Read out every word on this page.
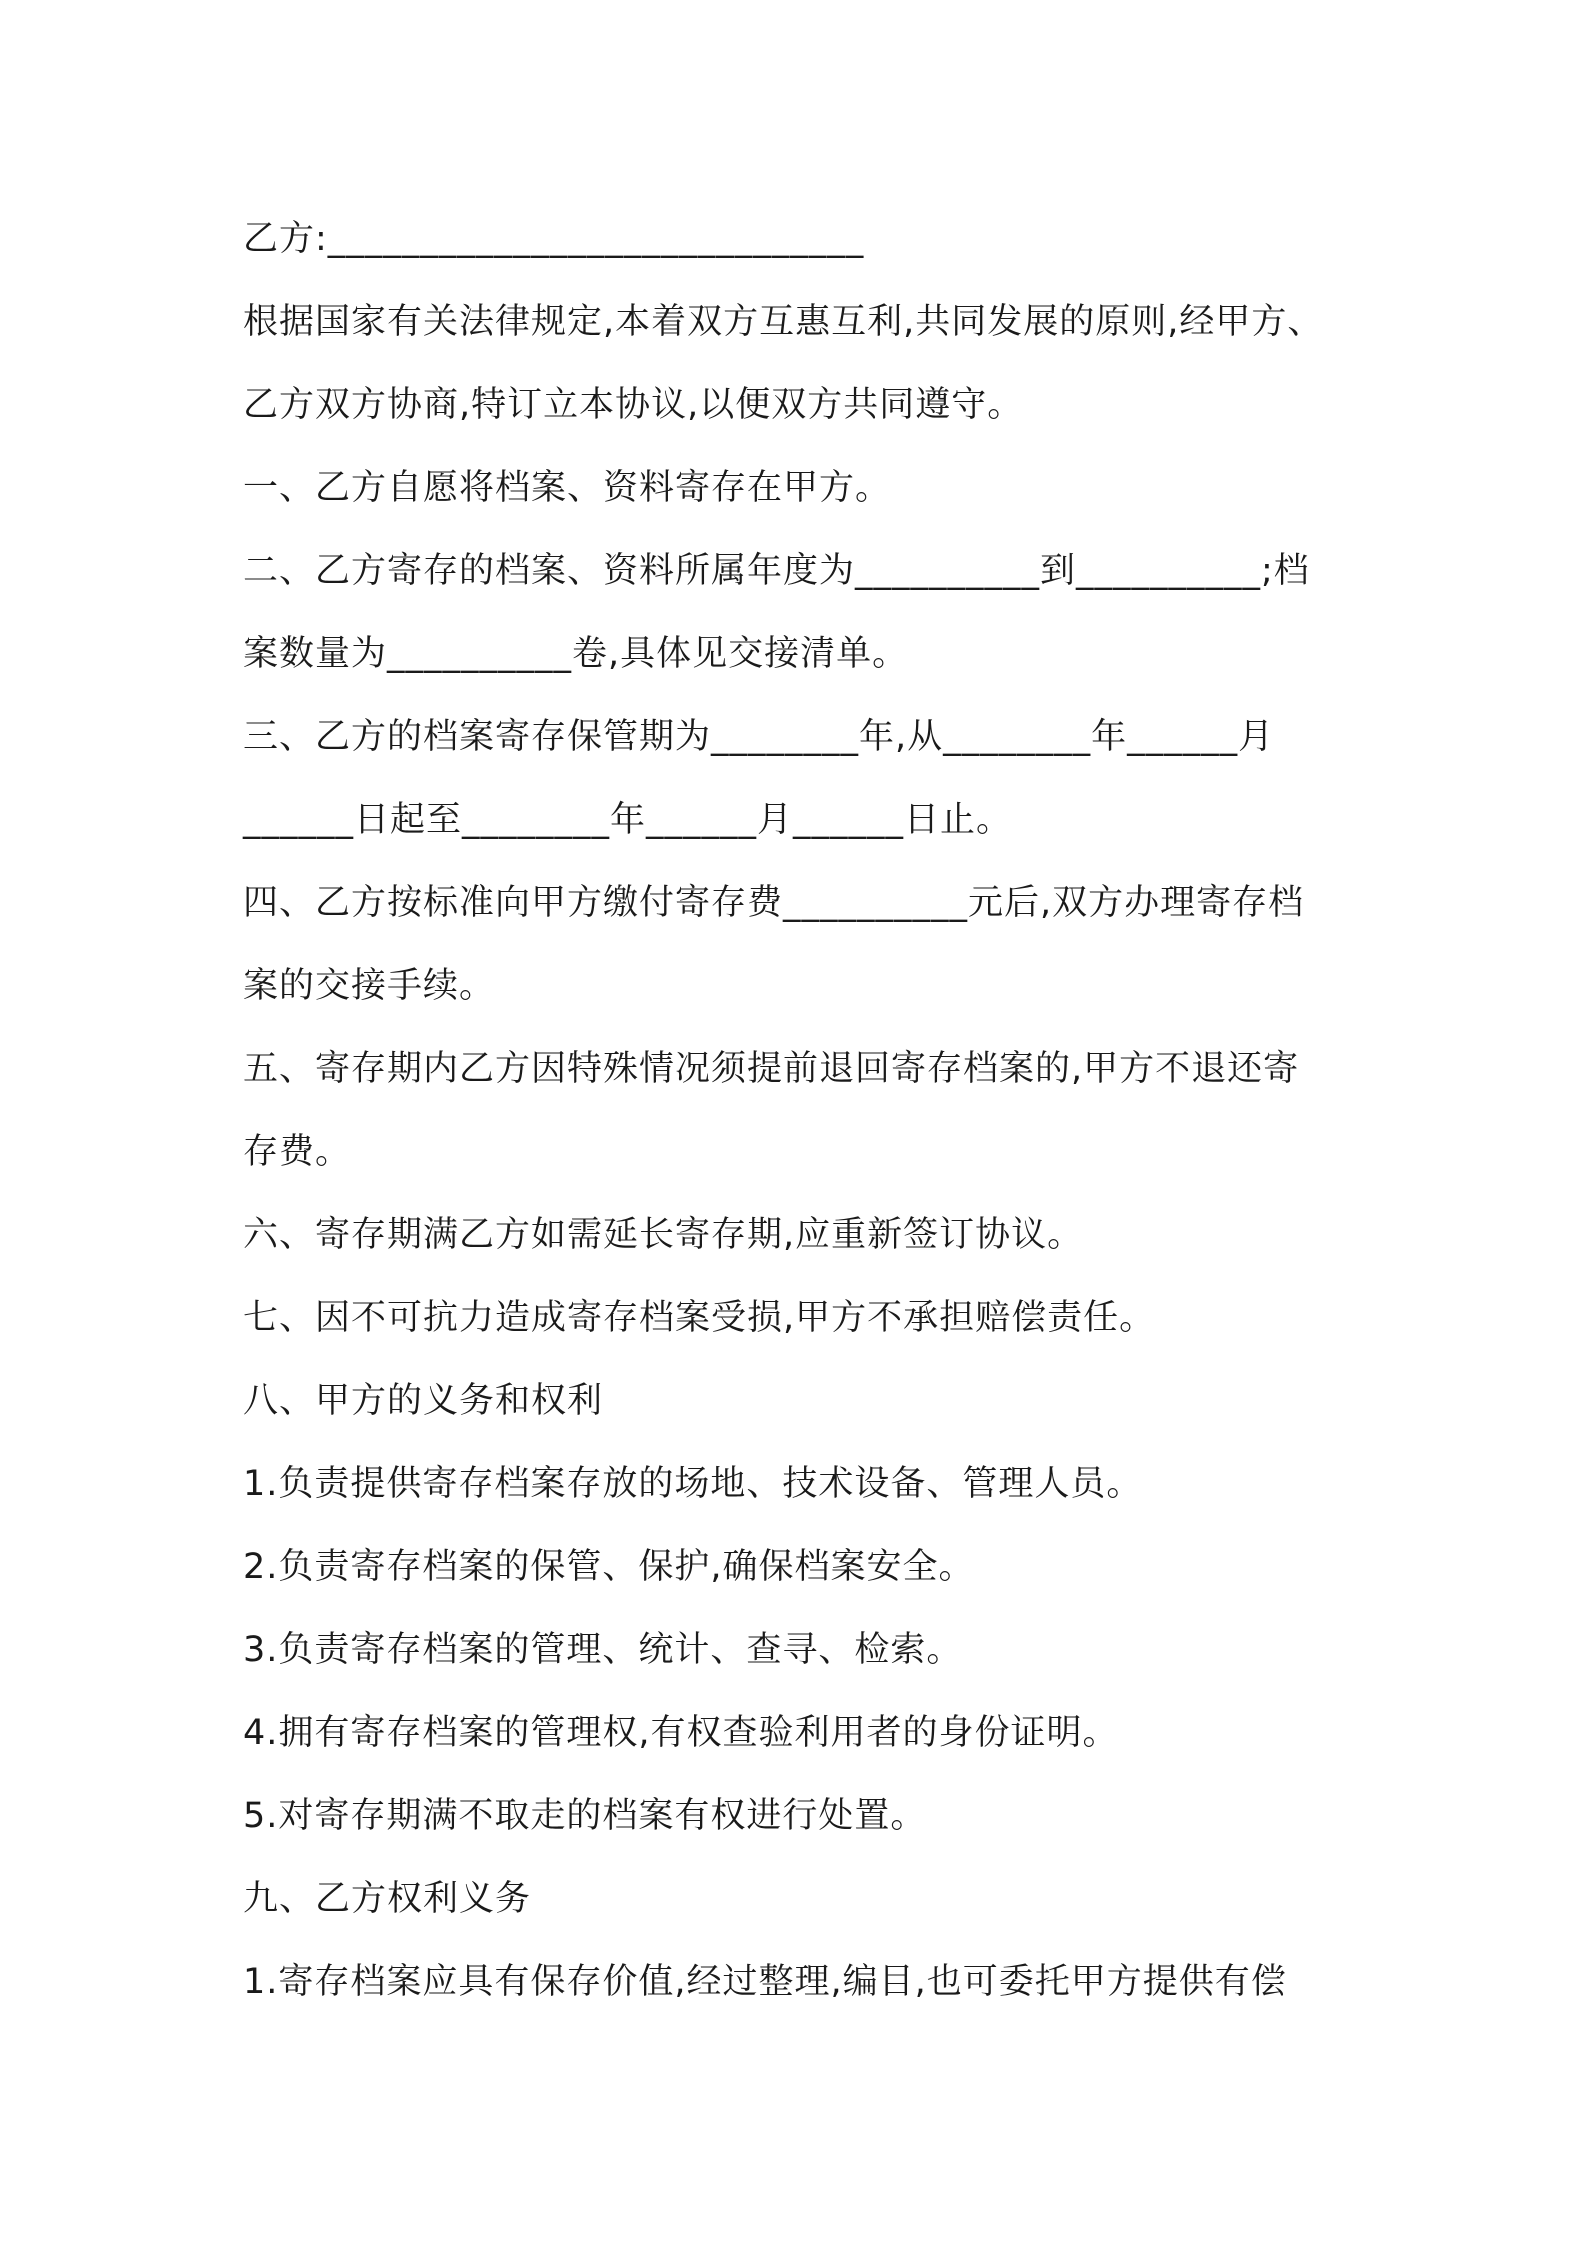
乙方:_____________________________
根据国家有关法律规定,本着双方互惠互利,共同发展的原则,经甲方、
乙方双方协商,特订立本协议,以便双方共同遵守。
一、乙方自愿将档案、资料寄存在甲方。
二、乙方寄存的档案、资料所属年度为__________到__________;档
案数量为__________卷,具体见交接清单。
三、乙方的档案寄存保管期为________年,从________年______月
______日起至________年______月______日止。
四、乙方按标准向甲方缴付寄存费__________元后,双方办理寄存档
案的交接手续。
五、寄存期内乙方因特殊情况须提前退回寄存档案的,甲方不退还寄
存费。
六、寄存期满乙方如需延长寄存期,应重新签订协议。
七、因不可抗力造成寄存档案受损,甲方不承担赔偿责任。
八、甲方的义务和权利
1.负责提供寄存档案存放的场地、技术设备、管理人员。
2.负责寄存档案的保管、保护,确保档案安全。
3.负责寄存档案的管理、统计、查寻、检索。
4.拥有寄存档案的管理权,有权查验利用者的身份证明。
5.对寄存期满不取走的档案有权进行处置。
九、乙方权利义务
1.寄存档案应具有保存价值,经过整理,编目,也可委托甲方提供有偿
